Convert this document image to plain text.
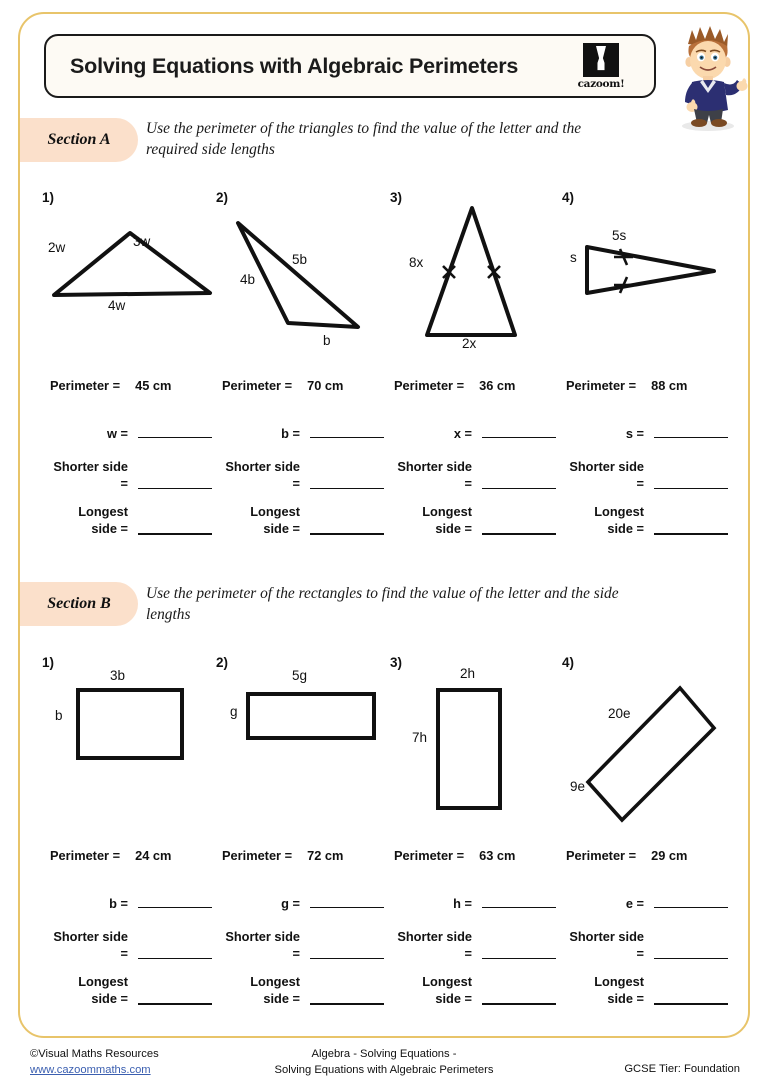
Solving Equations with Algebraic Perimeters
cazoom!
Section A
Use the perimeter of the triangles to find the value of the letter and the required side lengths
1)
2w	3w
4w
2)
4b
5b
b
3)
8x
2x
4)
5s
s
Perimeter = 45 cm
w =
Shorter side =
Longest side =
Perimeter = 70 cm
b =
Shorter side =
Longest side =
Perimeter = 36 cm
x =
Shorter side =
Longest side =
Perimeter = 88 cm
s =
Shorter side =
Longest side =
Section B
Use the perimeter of the rectangles to find the value of the letter and the side lengths
1)
3b
b
2)
5g
g
3)
2h
7h
4)
20e
9e
Perimeter = 24 cm
b =
Shorter side =
Longest side =
Perimeter = 72 cm
g =
Shorter side =
Longest side =
Perimeter = 63 cm
h =
Shorter side =
Longest side =
Perimeter = 29 cm
e =
Shorter side =
Longest side =
©Visual Maths Resources
www.cazoommaths.com
Algebra - Solving Equations -
Solving Equations with Algebraic Perimeters	GCSE Tier: Foundation
